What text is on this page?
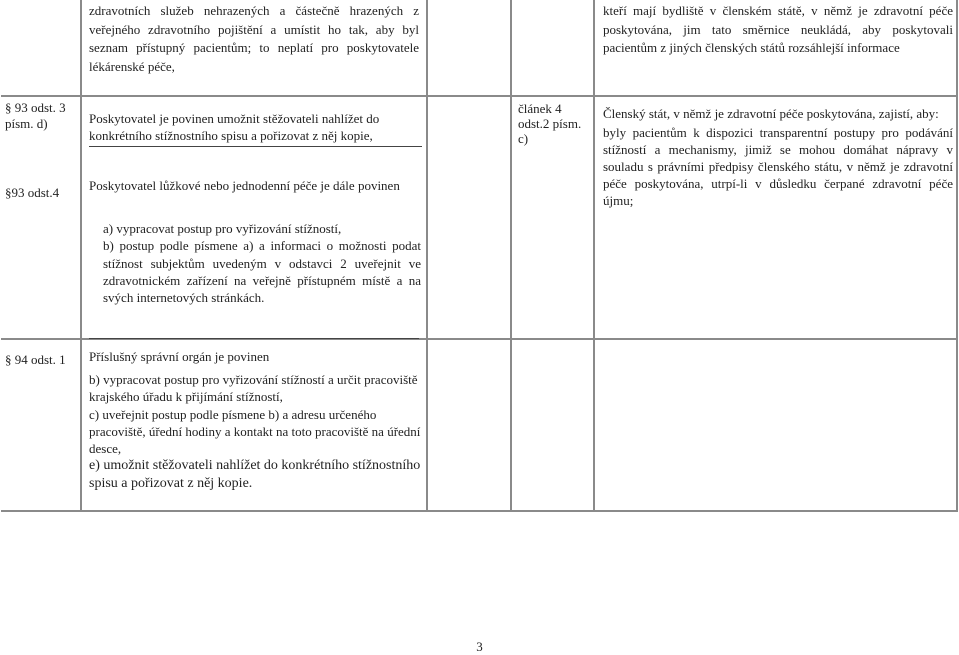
zdravotních služeb nehrazených a částečně hrazených z veřejného zdravotního pojištění a umístit ho tak, aby byl seznam přístupný pacientům; to neplatí pro poskytovatele lékárenské péče,
kteří mají bydliště v členském státě, v němž je zdravotní péče poskytována, jim tato směrnice neukládá, aby poskytovali pacientům z jiných členských států rozsáhlejší informace
§ 93 odst. 3 písm. d)
§93 odst.4

Poskytovatel je povinen umožnit stěžovateli nahlížet do konkrétního stížnostního spisu a pořizovat z něj kopie,

Poskytovatel lůžkové nebo jednodenní péče je dále povinen

a) vypracovat postup pro vyřizování stížností,

b) postup podle písmene a) a informaci o možnosti podat stížnost subjektům uvedeným v odstavci 2 uveřejnit ve zdravotnickém zařízení na veřejně přístupném místě a na svých internetových stránkách.

článek 4 odst.2 písm. c)

Členský stát, v němž je zdravotní péče poskytována, zajistí, aby:

byly pacientům k dispozici transparentní postupy pro podávání stížností a mechanismy, jimiž se mohou domáhat nápravy v souladu s právními předpisy členského státu, v němž je zdravotní péče poskytována, utrpí-li v důsledku čerpané zdravotní péče újmu;

§ 94 odst. 1	Příslušný správní orgán je povinen

b) vypracovat postup pro vyřizování stížností a určit pracoviště krajského úřadu k přijímání stížností,

c) uveřejnit postup podle písmene b) a adresu určeného pracoviště, úřední hodiny a kontakt na toto pracoviště na úřední desce,

e) umožnit stěžovateli nahlížet do konkrétního stížnostního spisu a pořizovat z něj kopie.

3
